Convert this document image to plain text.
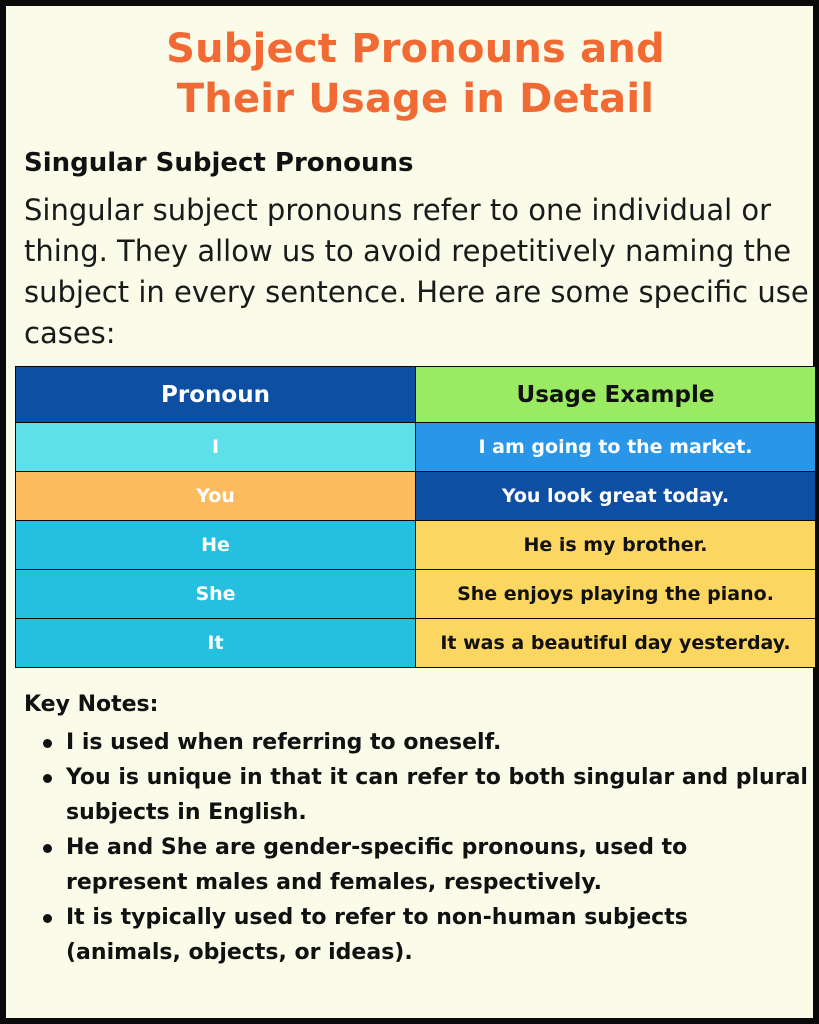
Subject Pronouns and
Their Usage in Detail
Singular Subject Pronouns
Singular subject pronouns refer to one individual or thing. They allow us to avoid repetitively naming the subject in every sentence. Here are some specific use cases:
Pronoun	Usage Example
I	I am going to the market.
You	You look great today.
He	He is my brother.
She	She enjoys playing the piano.
It	It was a beautiful day yesterday.
Key Notes:
I is used when referring to oneself.
You is unique in that it can refer to both singular and plural subjects in English.
He and She are gender-specific pronouns, used to represent males and females, respectively.
It is typically used to refer to non-human subjects (animals, objects, or ideas).
